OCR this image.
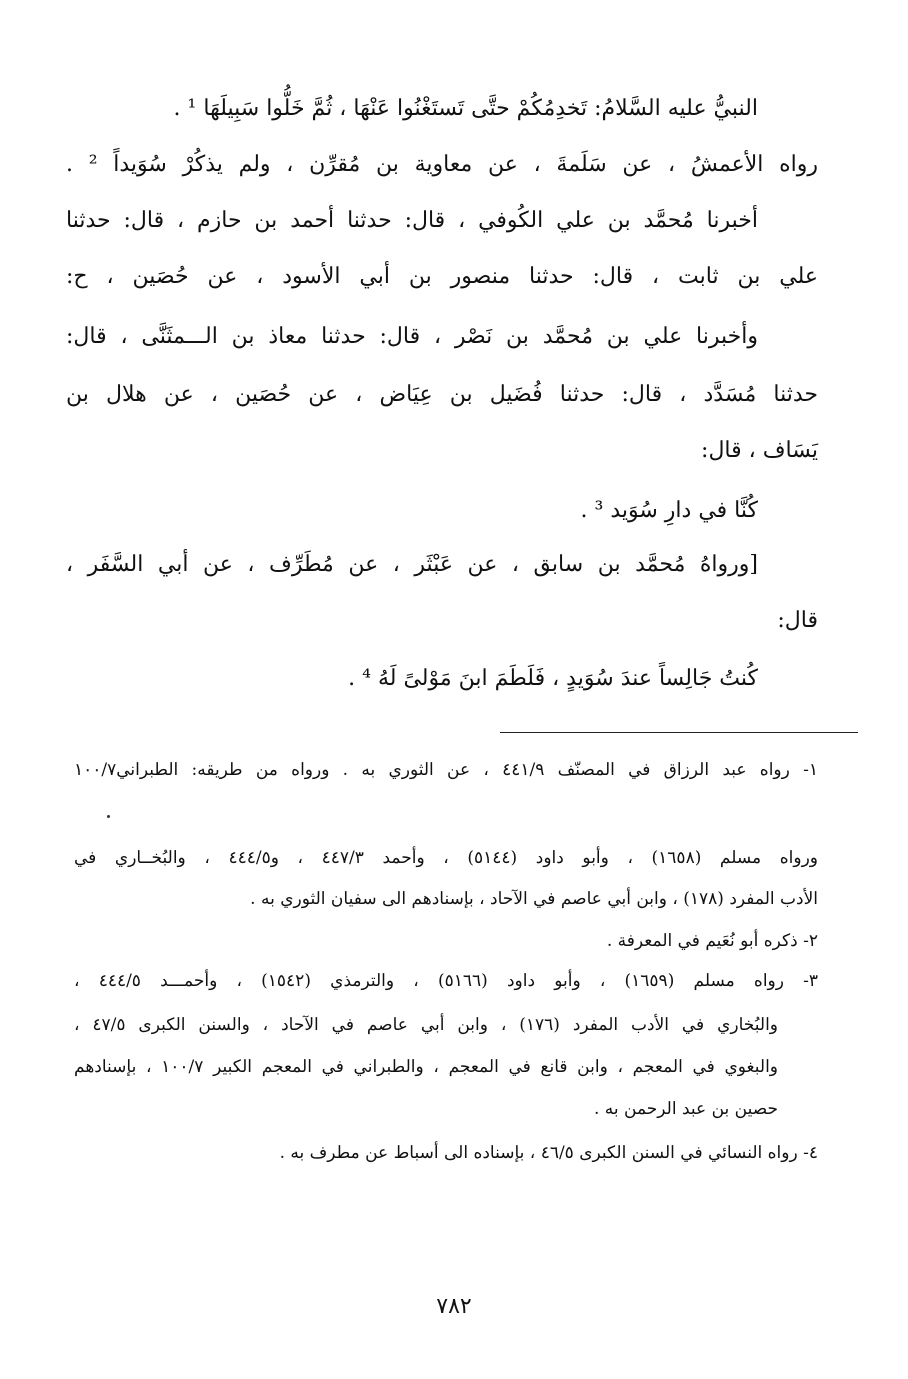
النبيُّ عليه السَّلامُ: تَخدِمُكُمْ حتَّى تَستَغْنُوا عَنْهَا ، ثُمَّ خَلُّوا سَبِيلَهَا ¹ .
رواه الأعمشُ ، عن سَلَمةَ ، عن معاوية بن مُقرِّن ، ولم يذكُرْ سُوَيداً ² .
أخبرنا مُحمَّد بن علي الكُوفي ، قال: حدثنا أحمد بن حازم ، قال: حدثنا
علي بن ثابت ، قال: حدثنا منصور بن أبي الأسود ، عن حُصَين ، ح:
وأخبرنا علي بن مُحمَّد بن نَصْر ، قال: حدثنا معاذ بن الـــمثَنَّى ، قال:
حدثنا مُسَدَّد ، قال: حدثنا فُضَيل بن عِيَاض ، عن حُصَين ، عن هلال بن
يَسَاف ، قال:
كُنَّا في دارِ سُوَيد ³ .
[ورواهُ مُحمَّد بن سابق ، عن عَبْثَر ، عن مُطَرِّف ، عن أبي السَّفَر ،
قال:
كُنتُ جَالِساً عندَ سُوَيدٍ ، فَلَطَمَ ابنَ مَوْلىً لَهُ ⁴ .
١- رواه عبد الرزاق في المصنّف ٤٤١/٩ ، عن الثوري به . ورواه من طريقه: الطبراني١٠٠/٧
ورواه مسلم (١٦٥٨) ، وأبو داود (٥١٤٤) ، وأحمد ٤٤٧/٣ ، و٤٤٤/٥ ، والبُخــاري في
الأدب المفرد (١٧٨) ، وابن أبي عاصم في الآحاد ، بإسنادهم الى سفيان الثوري به .
٢- ذكره أبو نُعَيم في المعرفة .
٣- رواه مسلم (١٦٥٩) ، وأبو داود (٥١٦٦) ، والترمذي (١٥٤٢) ، وأحمـــد ٤٤٤/٥ ،
والبُخاري في الأدب المفرد (١٧٦) ، وابن أبي عاصم في الآحاد ، والسنن الكبرى ٤٧/٥ ،
والبغوي في المعجم ، وابن قانع في المعجم ، والطبراني في المعجم الكبير ١٠٠/٧ ، بإسنادهم
حصين بن عبد الرحمن به .
٤- رواه النسائي في السنن الكبرى ٤٦/٥ ، بإسناده الى أسباط عن مطرف به .
٧٨٢
